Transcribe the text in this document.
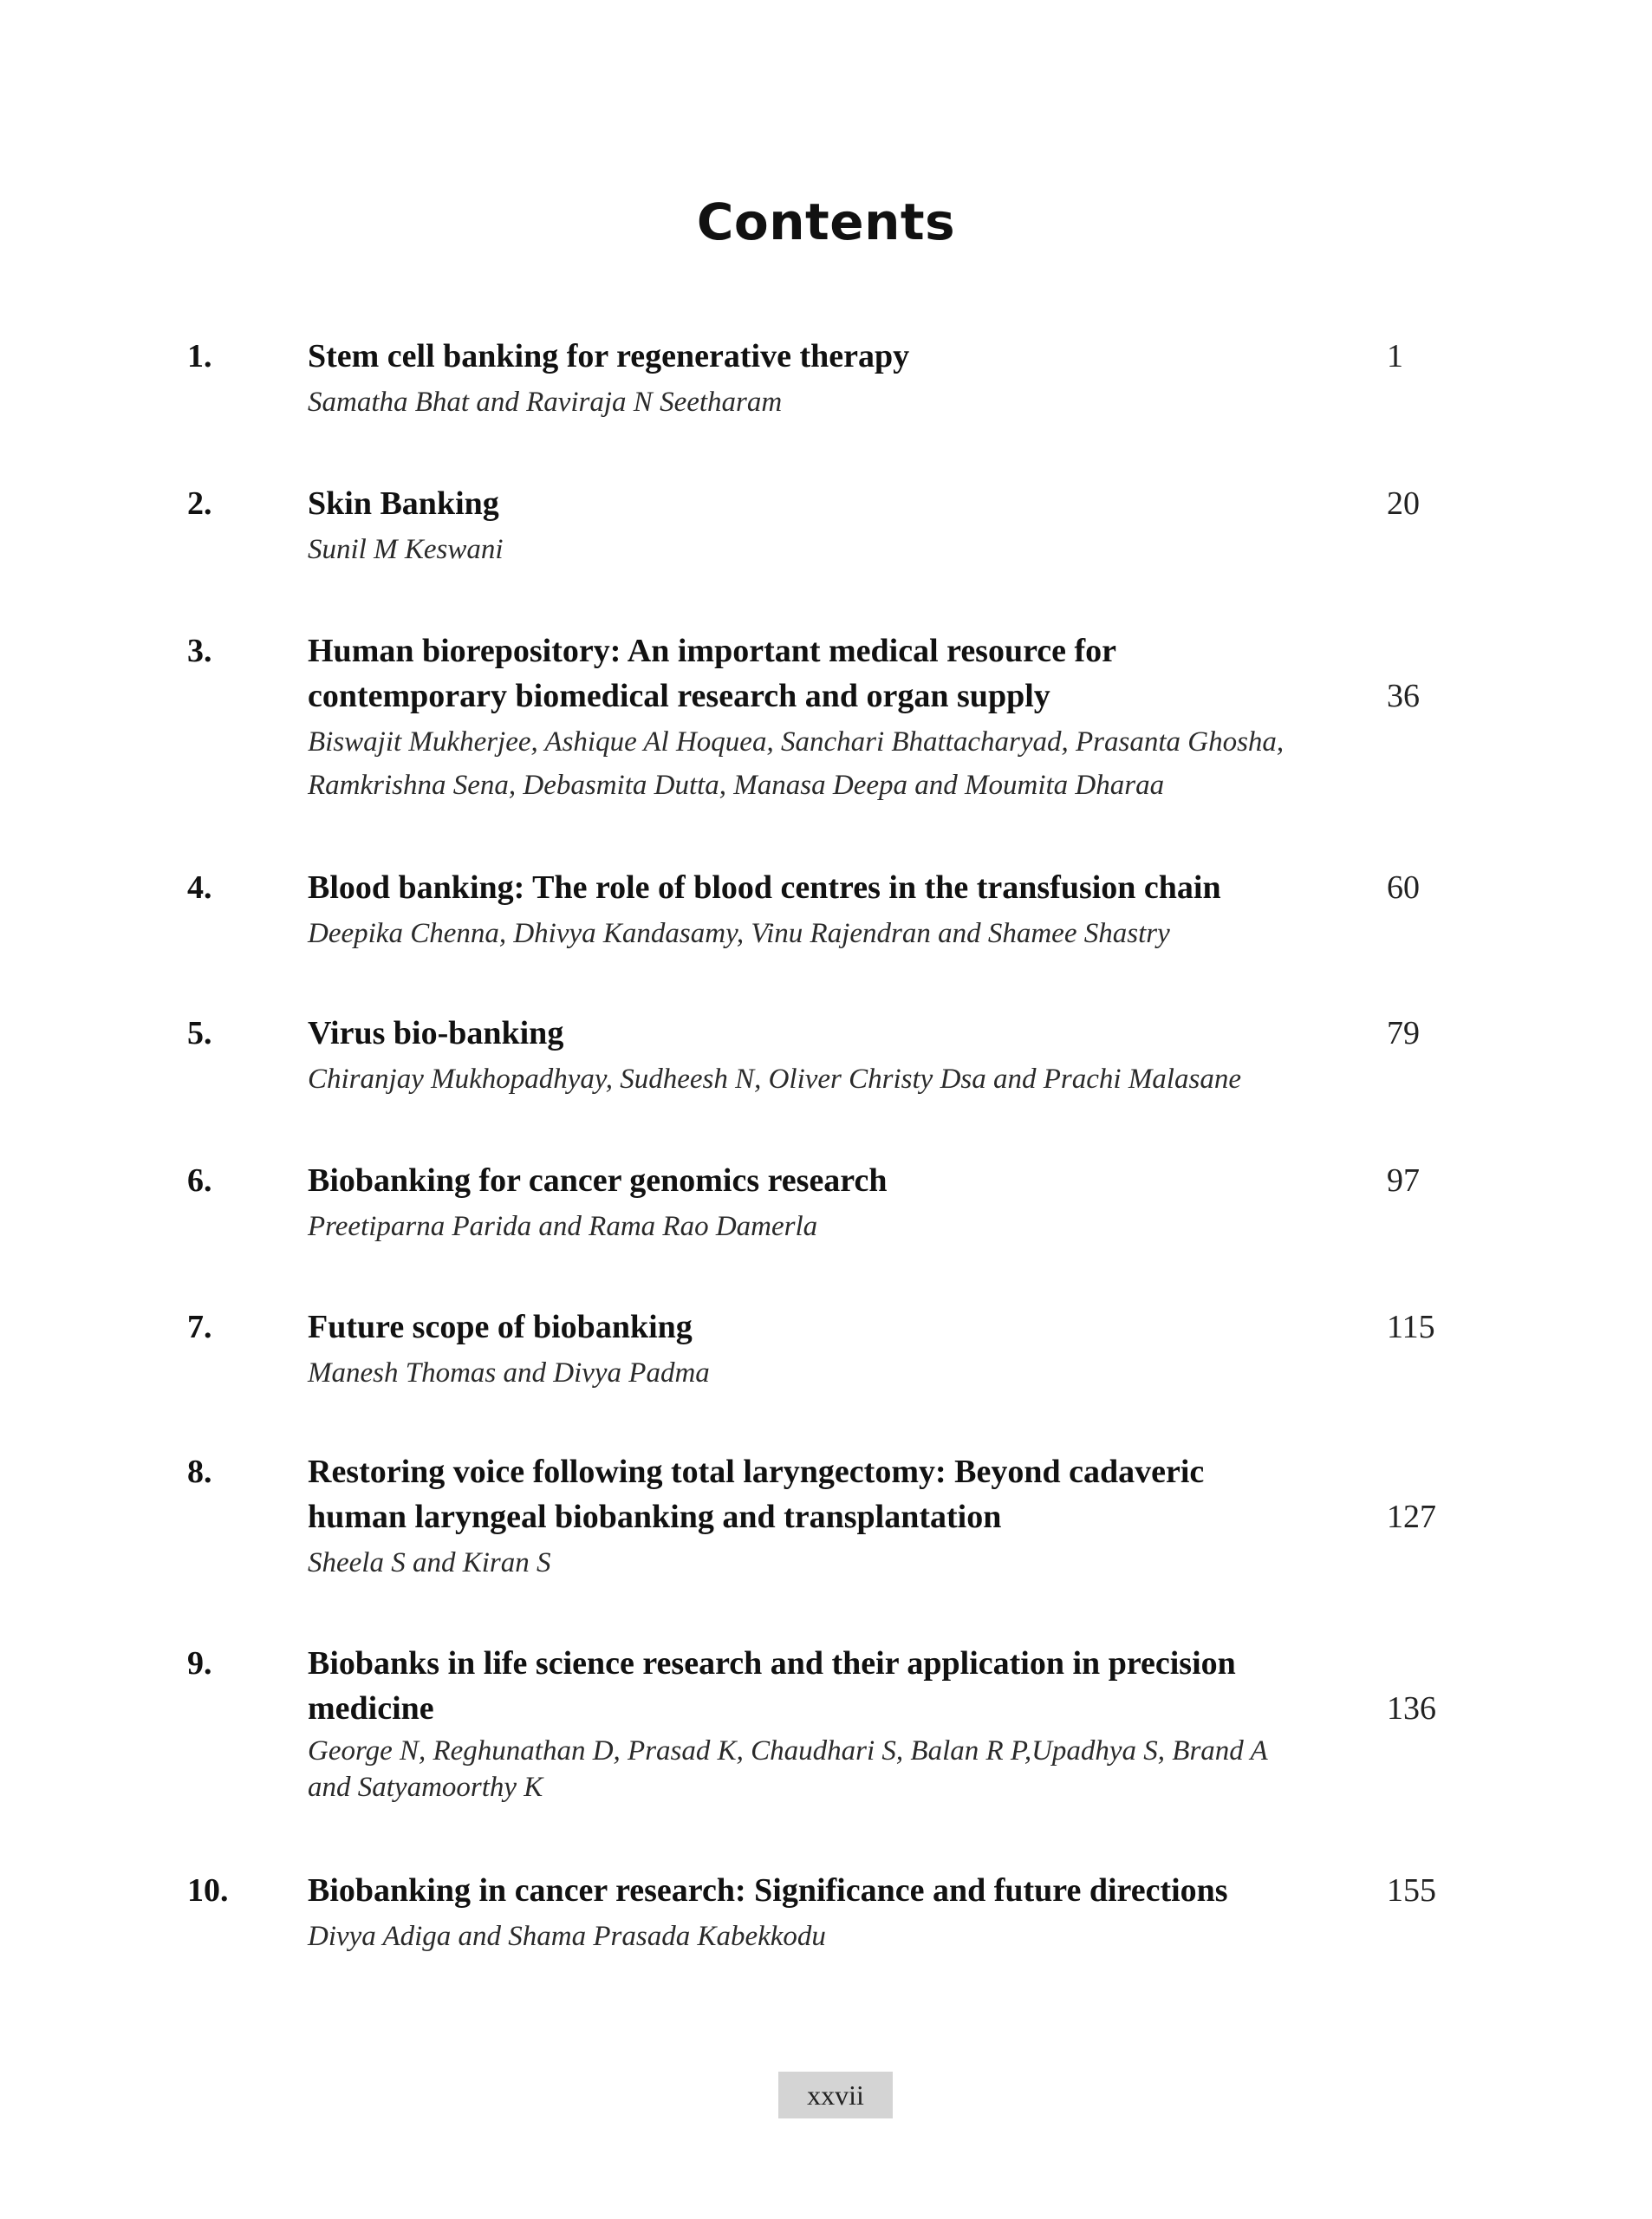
Contents
1.	Stem cell banking for regenerative therapy
Samatha Bhat and Raviraja N Seetharam
1
2.	Skin Banking
Sunil M Keswani
20
3.	Human biorepository: An important medical resource for
contemporary biomedical research and organ supply
Biswajit Mukherjee, Ashique Al Hoquea, Sanchari Bhattacharyad, Prasanta Ghosha,
Ramkrishna Sena, Debasmita Dutta, Manasa Deepa and Moumita Dharaa
36
4.	Blood banking: The role of blood centres in the transfusion chain
Deepika Chenna, Dhivya Kandasamy, Vinu Rajendran and Shamee Shastry
60
5.	Virus bio-banking
Chiranjay Mukhopadhyay, Sudheesh N, Oliver Christy Dsa and Prachi Malasane
79
6.	Biobanking for cancer genomics research
Preetiparna Parida and Rama Rao Damerla
97
7.	Future scope of biobanking
Manesh Thomas and Divya Padma
115
8.	Restoring voice following total laryngectomy: Beyond cadaveric
human laryngeal biobanking and transplantation
Sheela S and Kiran S
127
9.	Biobanks in life science research and their application in precision
medicine
George N, Reghunathan D, Prasad K, Chaudhari S, Balan R P,Upadhya S, Brand A
and Satyamoorthy K
136
10. Biobanking in cancer research: Significance and future directions
Divya Adiga and Shama Prasada Kabekkodu
155
xxvii
